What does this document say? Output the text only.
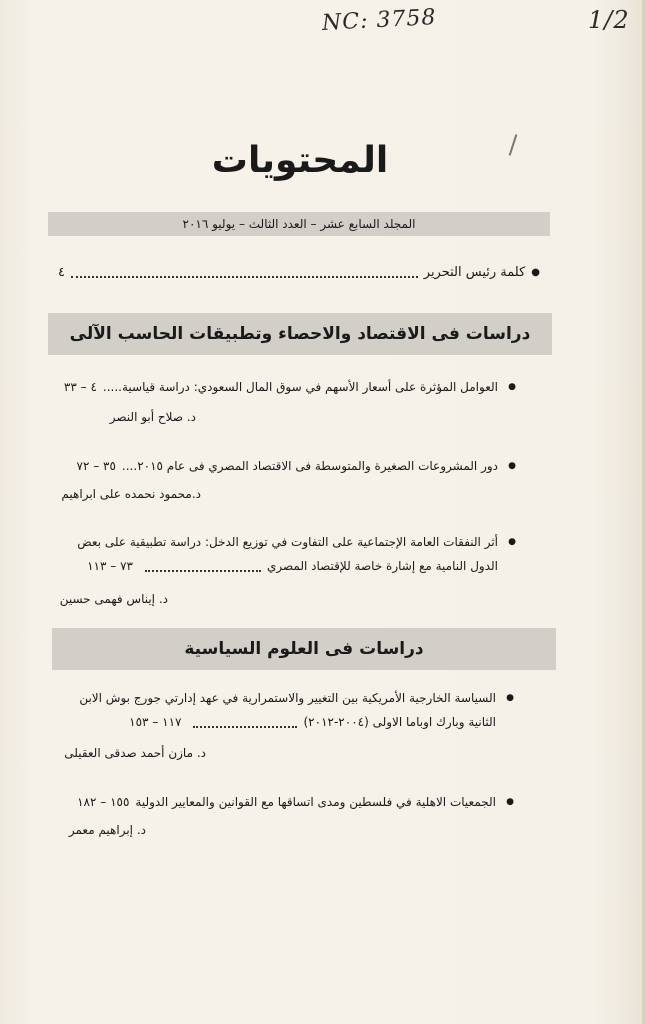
NC: 3758	1/2
المحتويات
المجلد السابع عشر – العدد الثالث – يوليو ٢٠١٦
●
كلمة رئيس التحرير
٤
دراسات فى الاقتصاد والاحصاء وتطبيقات الحاسب الآلى
●
العوامل المؤثرة على أسعار الأسهم في سوق المال السعودي: دراسة قياسية.....
٤ – ٣٣
د. صلاح أبو النصر
●
دور المشروعات الصغيرة والمتوسطة فى الاقتصاد المصري فى عام ٢٠١٥....
٣٥ – ٧٢
د.محمود نحمده على ابراهيم
●
أثر النفقات العامة الإجتماعية على التفاوت في توزيع الدخل: دراسة تطبيقية على بعض
الدول النامية مع إشارة خاصة للإقتصاد المصري
٧٣ – ١١٣
د. إيناس فهمى حسين
دراسات فى العلوم السياسية
●
السياسة الخارجية الأمريكية بين التغيير والاستمرارية في عهد إدارتي جورج بوش الابن
الثانية وبارك اوباما الاولى (٢٠٠٤-٢٠١٢)
١١٧ – ١٥٣
د. مازن أحمد صدقى العقيلى
●
الجمعيات الاهلية في فلسطين ومدى اتساقها مع القوانين والمعايير الدولية
١٥٥ – ١٨٢
د. إبراهيم معمر
